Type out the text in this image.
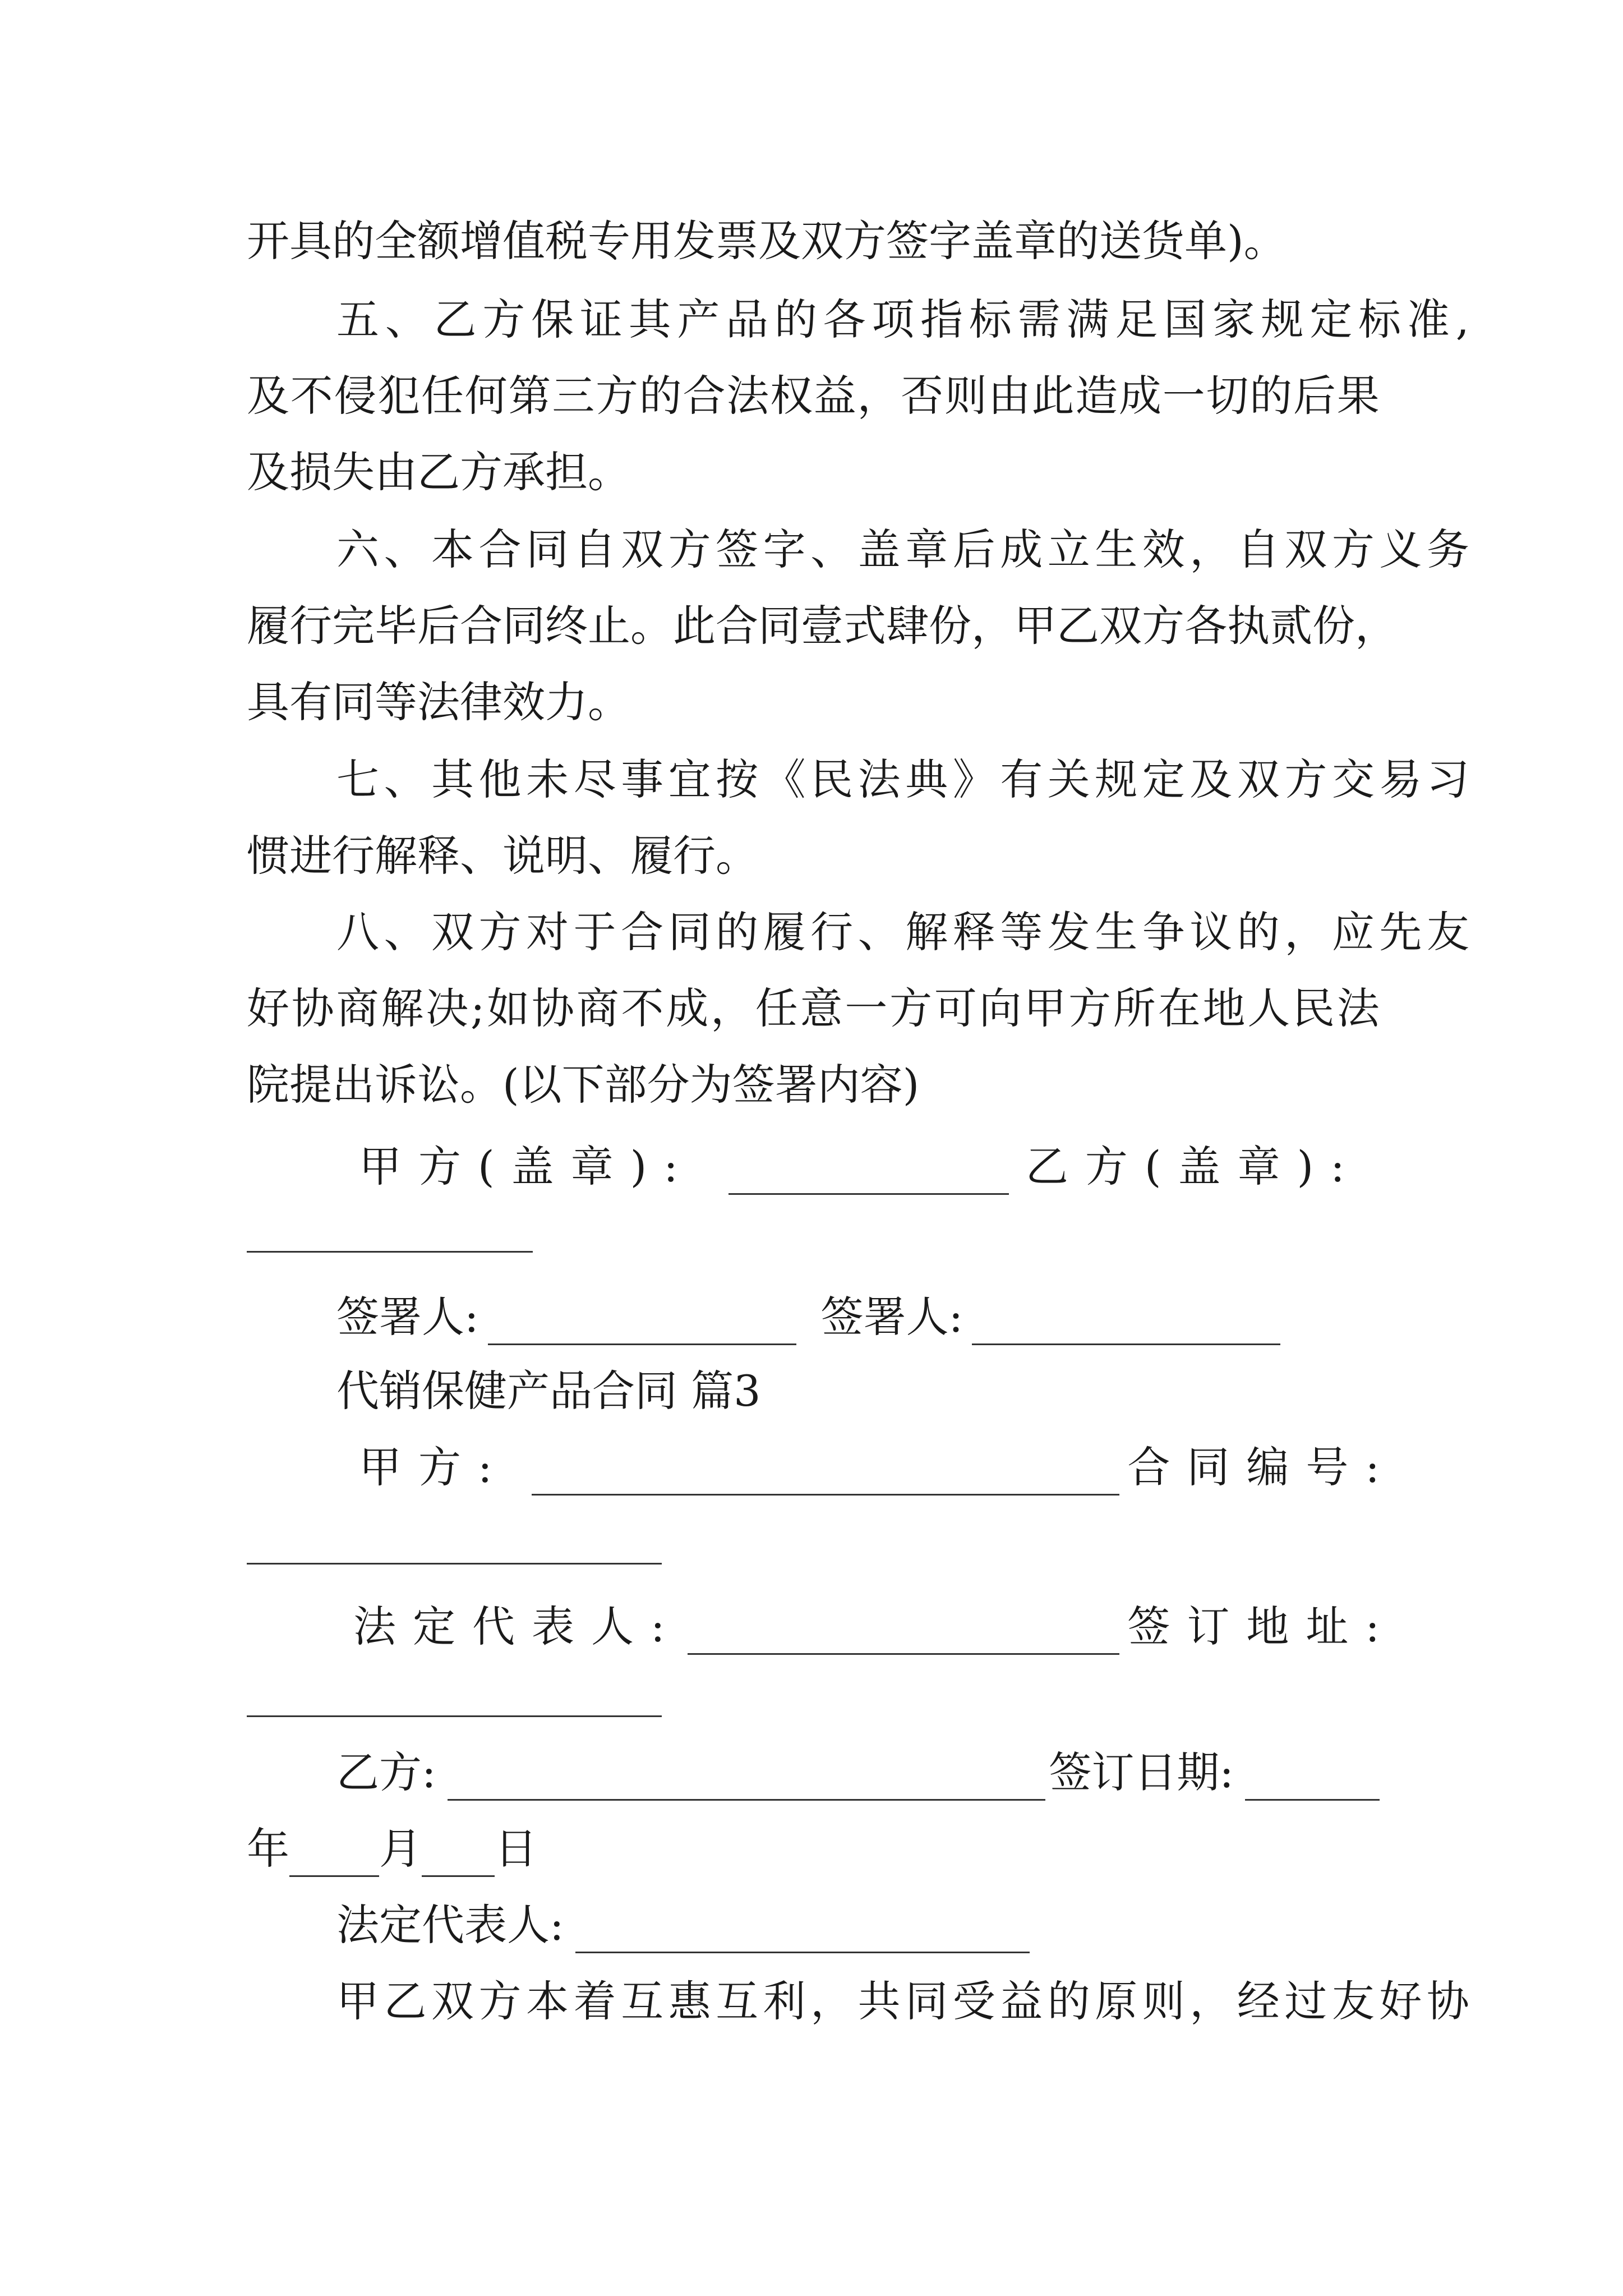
开具的全额增值税专用发票及双方签字盖章的送货单)。
五 、 乙 方 保 证 其 产 品 的 各 项 指 标 需 满 足 国 家 规 定 标 准 ,
及 不 侵 犯 任 何 第 三 方 的 合 法 权 益 ， 否 则 由 此 造 成 一 切 的 后 果
及损失由乙方承担。
六 、 本 合 同 自 双 方 签 字 、 盖 章 后 成 立 生 效 ， 自 双 方 义 务
履 行 完 毕 后 合 同 终 止 。 此 合 同 壹 式 肆 份 ， 甲 乙 双 方 各 执 贰 份 ，
具有同等法律效力。
七 、 其 他 未 尽 事 宜 按 《 民 法 典 》 有 关 规 定 及 双 方 交 易 习
惯进行解释、说明、履行。
八 、 双 方 对 于 合 同 的 履 行 、 解 释 等 发 生 争 议 的 ， 应 先 友
好 协 商 解 决 ; 如 协 商 不 成 ， 任 意 一 方 可 向 甲 方 所 在 地 人 民 法
院提出诉讼。(以下部分为签署内容)
甲方(盖章):	乙方(盖章):
签署人:	签署人:
代销保健产品合同 篇3
甲方:	合同编号:
法定代表人:	签订地址:
乙方:	签订日期:
年 月 日
法定代表人:
甲 乙 双 方 本 着 互 惠 互 利 ， 共 同 受 益 的 原 则 ， 经 过 友 好 协
